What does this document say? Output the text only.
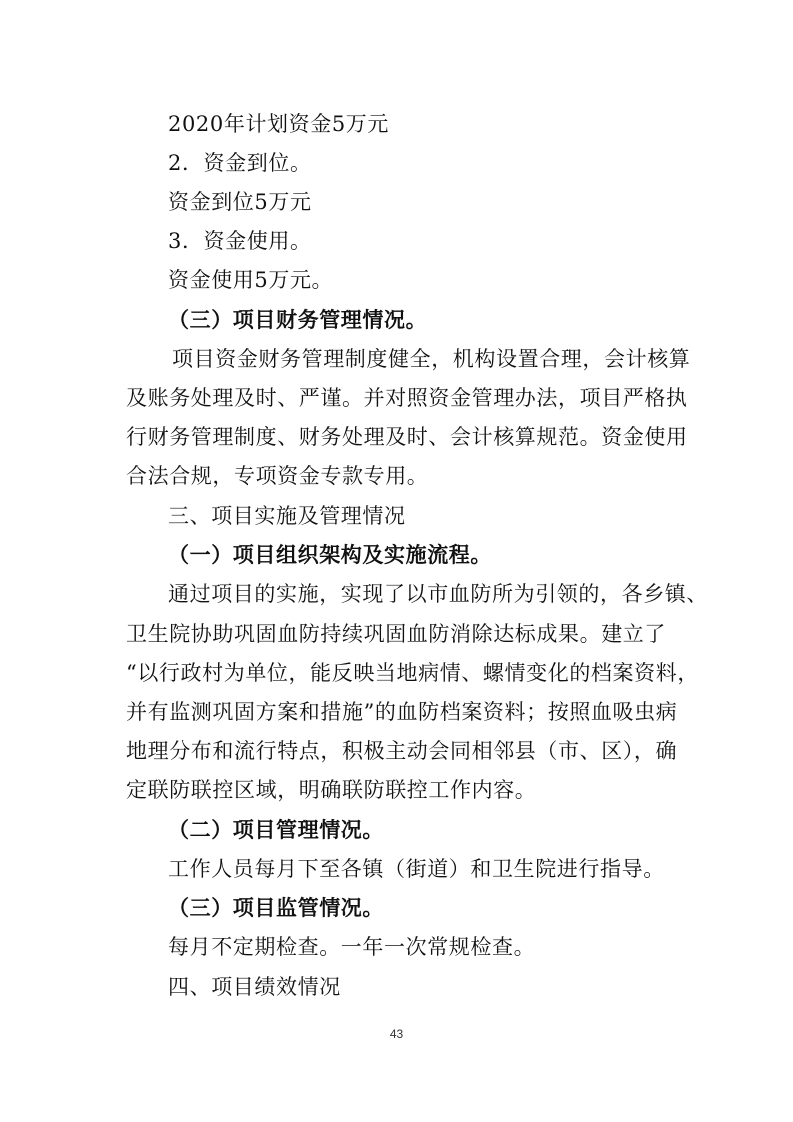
2020年计划资金5万元
2．资金到位。
资金到位5万元
3．资金使用。
资金使用5万元。
（三）项目财务管理情况。
项目资金财务管理制度健全，机构设置合理，会计核算
及账务处理及时、严谨。并对照资金管理办法，项目严格执
行财务管理制度、财务处理及时、会计核算规范。资金使用
合法合规，专项资金专款专用。
三、项目实施及管理情况
（一）项目组织架构及实施流程。
通过项目的实施，实现了以市血防所为引领的，各乡镇、
卫生院协助巩固血防持续巩固血防消除达标成果。建立了
“以行政村为单位，能反映当地病情、螺情变化的档案资料，
并有监测巩固方案和措施”的血防档案资料；按照血吸虫病
地理分布和流行特点，积极主动会同相邻县（市、区），确
定联防联控区域，明确联防联控工作内容。
（二）项目管理情况。
工作人员每月下至各镇（街道）和卫生院进行指导。
（三）项目监管情况。
每月不定期检查。一年一次常规检查。
四、项目绩效情况
43
